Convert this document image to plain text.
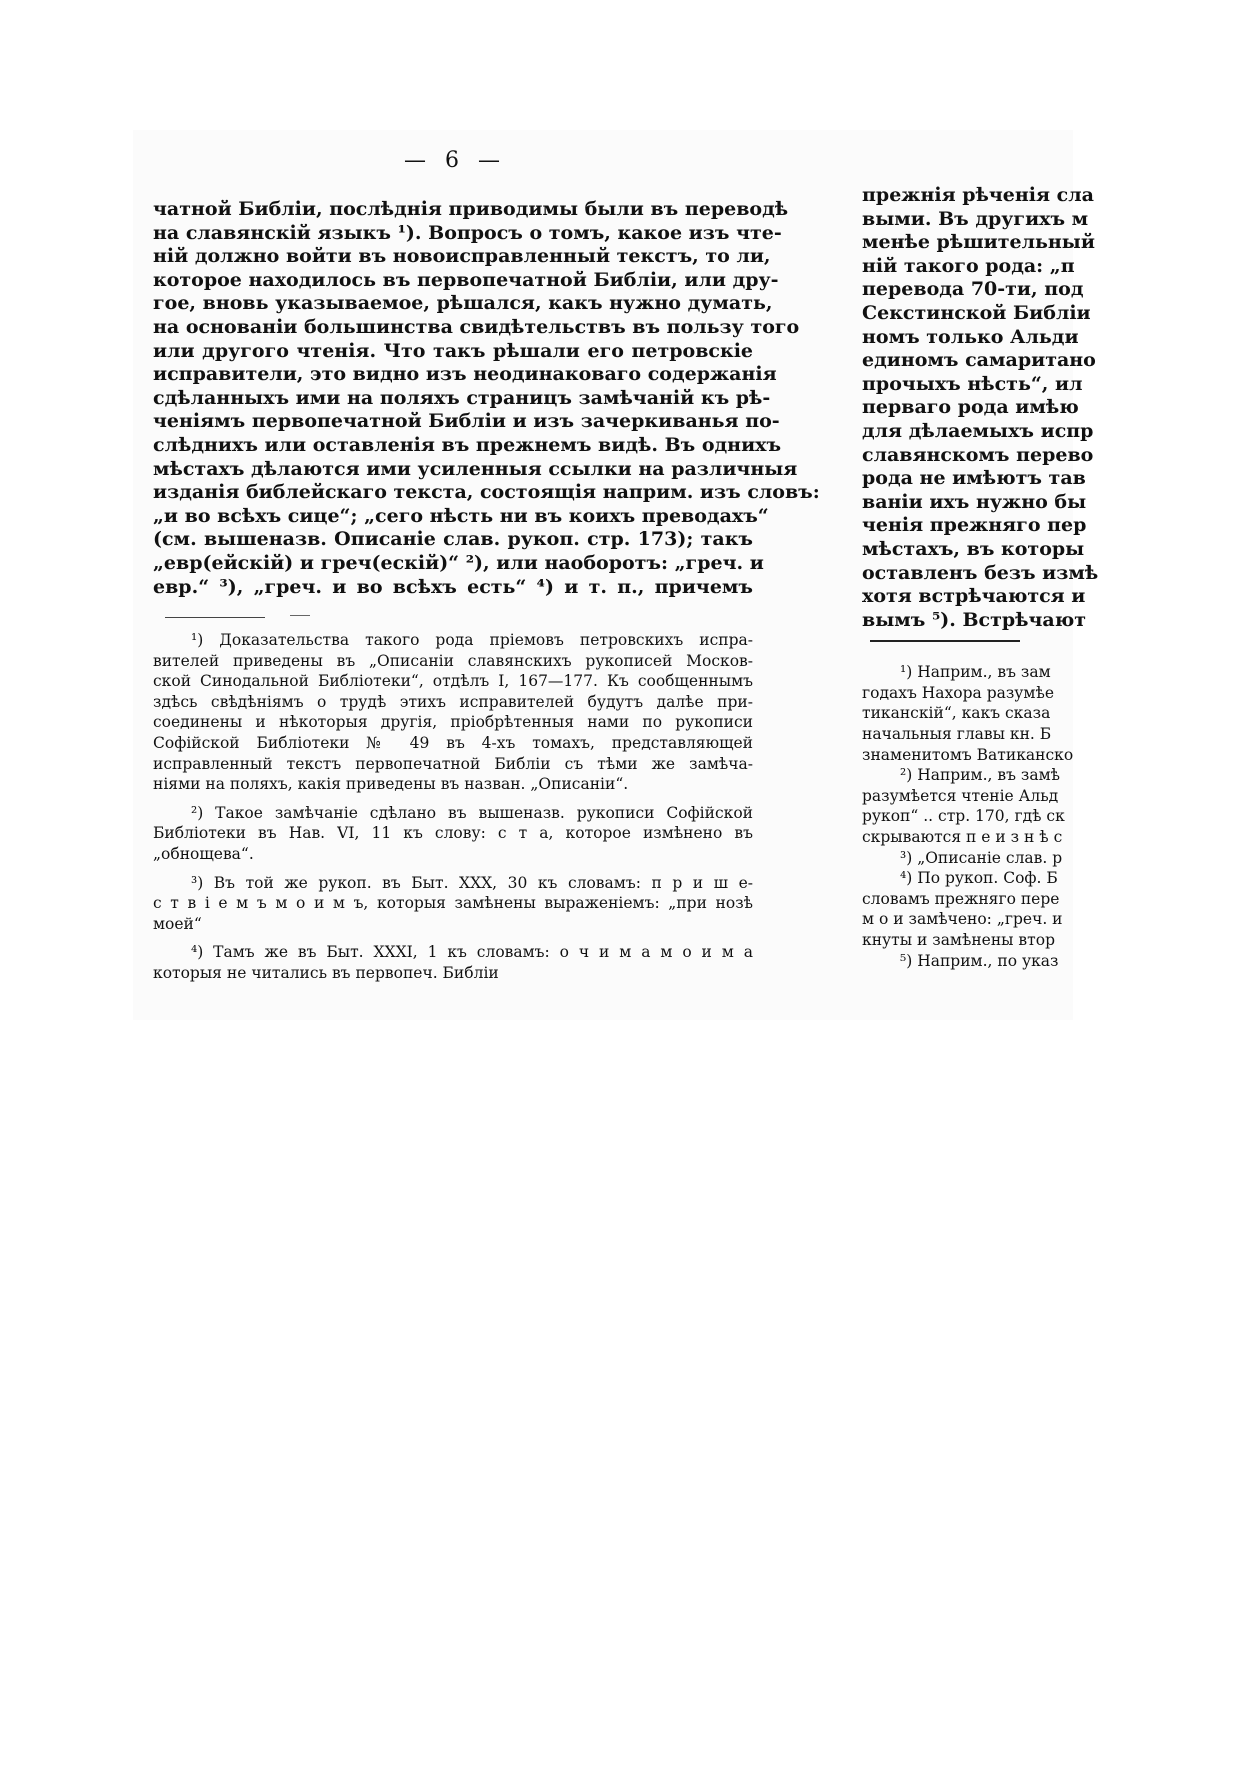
— 6 —
чатной Библіи, послѣднія приводимы были въ переводѣ
на славянскій языкъ ¹). Вопросъ о томъ, какое изъ чте-
ній должно войти въ новоисправленный текстъ, то ли,
которое находилось въ первопечатной Библіи, или дру-
гое, вновь указываемое, рѣшался, какъ нужно думать,
на основаніи большинства свидѣтельствъ въ пользу того
или другого чтенія. Что такъ рѣшали его петровскіе
исправители, это видно изъ неодинаковаго содержанія
сдѣланныхъ ими на поляхъ страницъ замѣчаній къ рѣ-
ченіямъ первопечатной Библіи и изъ зачеркиванья по-
слѣднихъ или оставленія въ прежнемъ видѣ. Въ однихъ
мѣстахъ дѣлаются ими усиленныя ссылки на различныя
изданія библейскаго текста, состоящія наприм. изъ словъ:
„и во всѣхъ сице“; „сего нѣсть ни въ коихъ преводахъ“
(см. вышеназв. Описаніе слав. рукоп. стр. 173); такъ
„евр(ейскій) и греч(ескій)“ ²), или наоборотъ: „греч. и
евр.“ ³), „греч. и во всѣхъ есть“ ⁴) и т. п., причемъ
¹) Доказательства такого рода пріемовъ петровскихъ испра-
вителей приведены въ „Описаніи славянскихъ рукописей Москов-
ской Синодальной Библіотеки“, отдѣлъ I, 167—177. Къ сообщеннымъ
здѣсь свѣдѣніямъ о трудѣ этихъ исправителей будутъ далѣе при-
соединены и нѣкоторыя другія, пріобрѣтенныя нами по рукописи
Софійской Библіотеки № 49 въ 4-хъ томахъ, представляющей
исправленный текстъ первопечатной Библіи съ тѣми же замѣча-
ніями на поляхъ, какія приведены въ назван. „Описаніи“.
²) Такое замѣчаніе сдѣлано въ вышеназв. рукописи Софійской
Библіотеки въ Нав. VI, 11 къ слову: с т а, которое измѣнено въ
„обнощева“.
³) Въ той же рукоп. въ Быт. XXX, 30 къ словамъ: п р и ш е-
с т в і е м ъ м о и м ъ, которыя замѣнены выраженіемъ: „при нозѣ
моей“
⁴) Тамъ же въ Быт. XXXI, 1 къ словамъ: о ч и м а м о и м а
которыя не читались въ первопеч. Библіи
прежнія рѣченія сла
выми. Въ другихъ м
менѣе рѣшительный
ній такого рода: „п
перевода 70-ти, под
Секстинской Библіи
номъ только Альди
единомъ самаритано
прочыхъ нѣсть“, ил
перваго рода имѣю
для дѣлаемыхъ испр
славянскомъ перево
рода не имѣютъ тав
ваніи ихъ нужно бы
ченія прежняго пер
мѣстахъ, въ которы
оставленъ безъ измѣ
хотя встрѣчаются и
вымъ ⁵). Встрѣчают
¹) Наприм., въ зам
годахъ Нахора разумѣе
тиканскій“, какъ сказа
начальныя главы кн. Б
знаменитомъ Ватиканско
²) Наприм., въ замѣ
разумѣется чтеніе Альд
рукоп“ .. стр. 170, гдѣ ск
скрываются п е и з н ѣ с
³) „Описаніе слав. р
⁴) По рукоп. Соф. Б
словамъ прежняго пере
м о и замѣчено: „греч. и
кнуты и замѣнены втор
⁵) Наприм., по указ
